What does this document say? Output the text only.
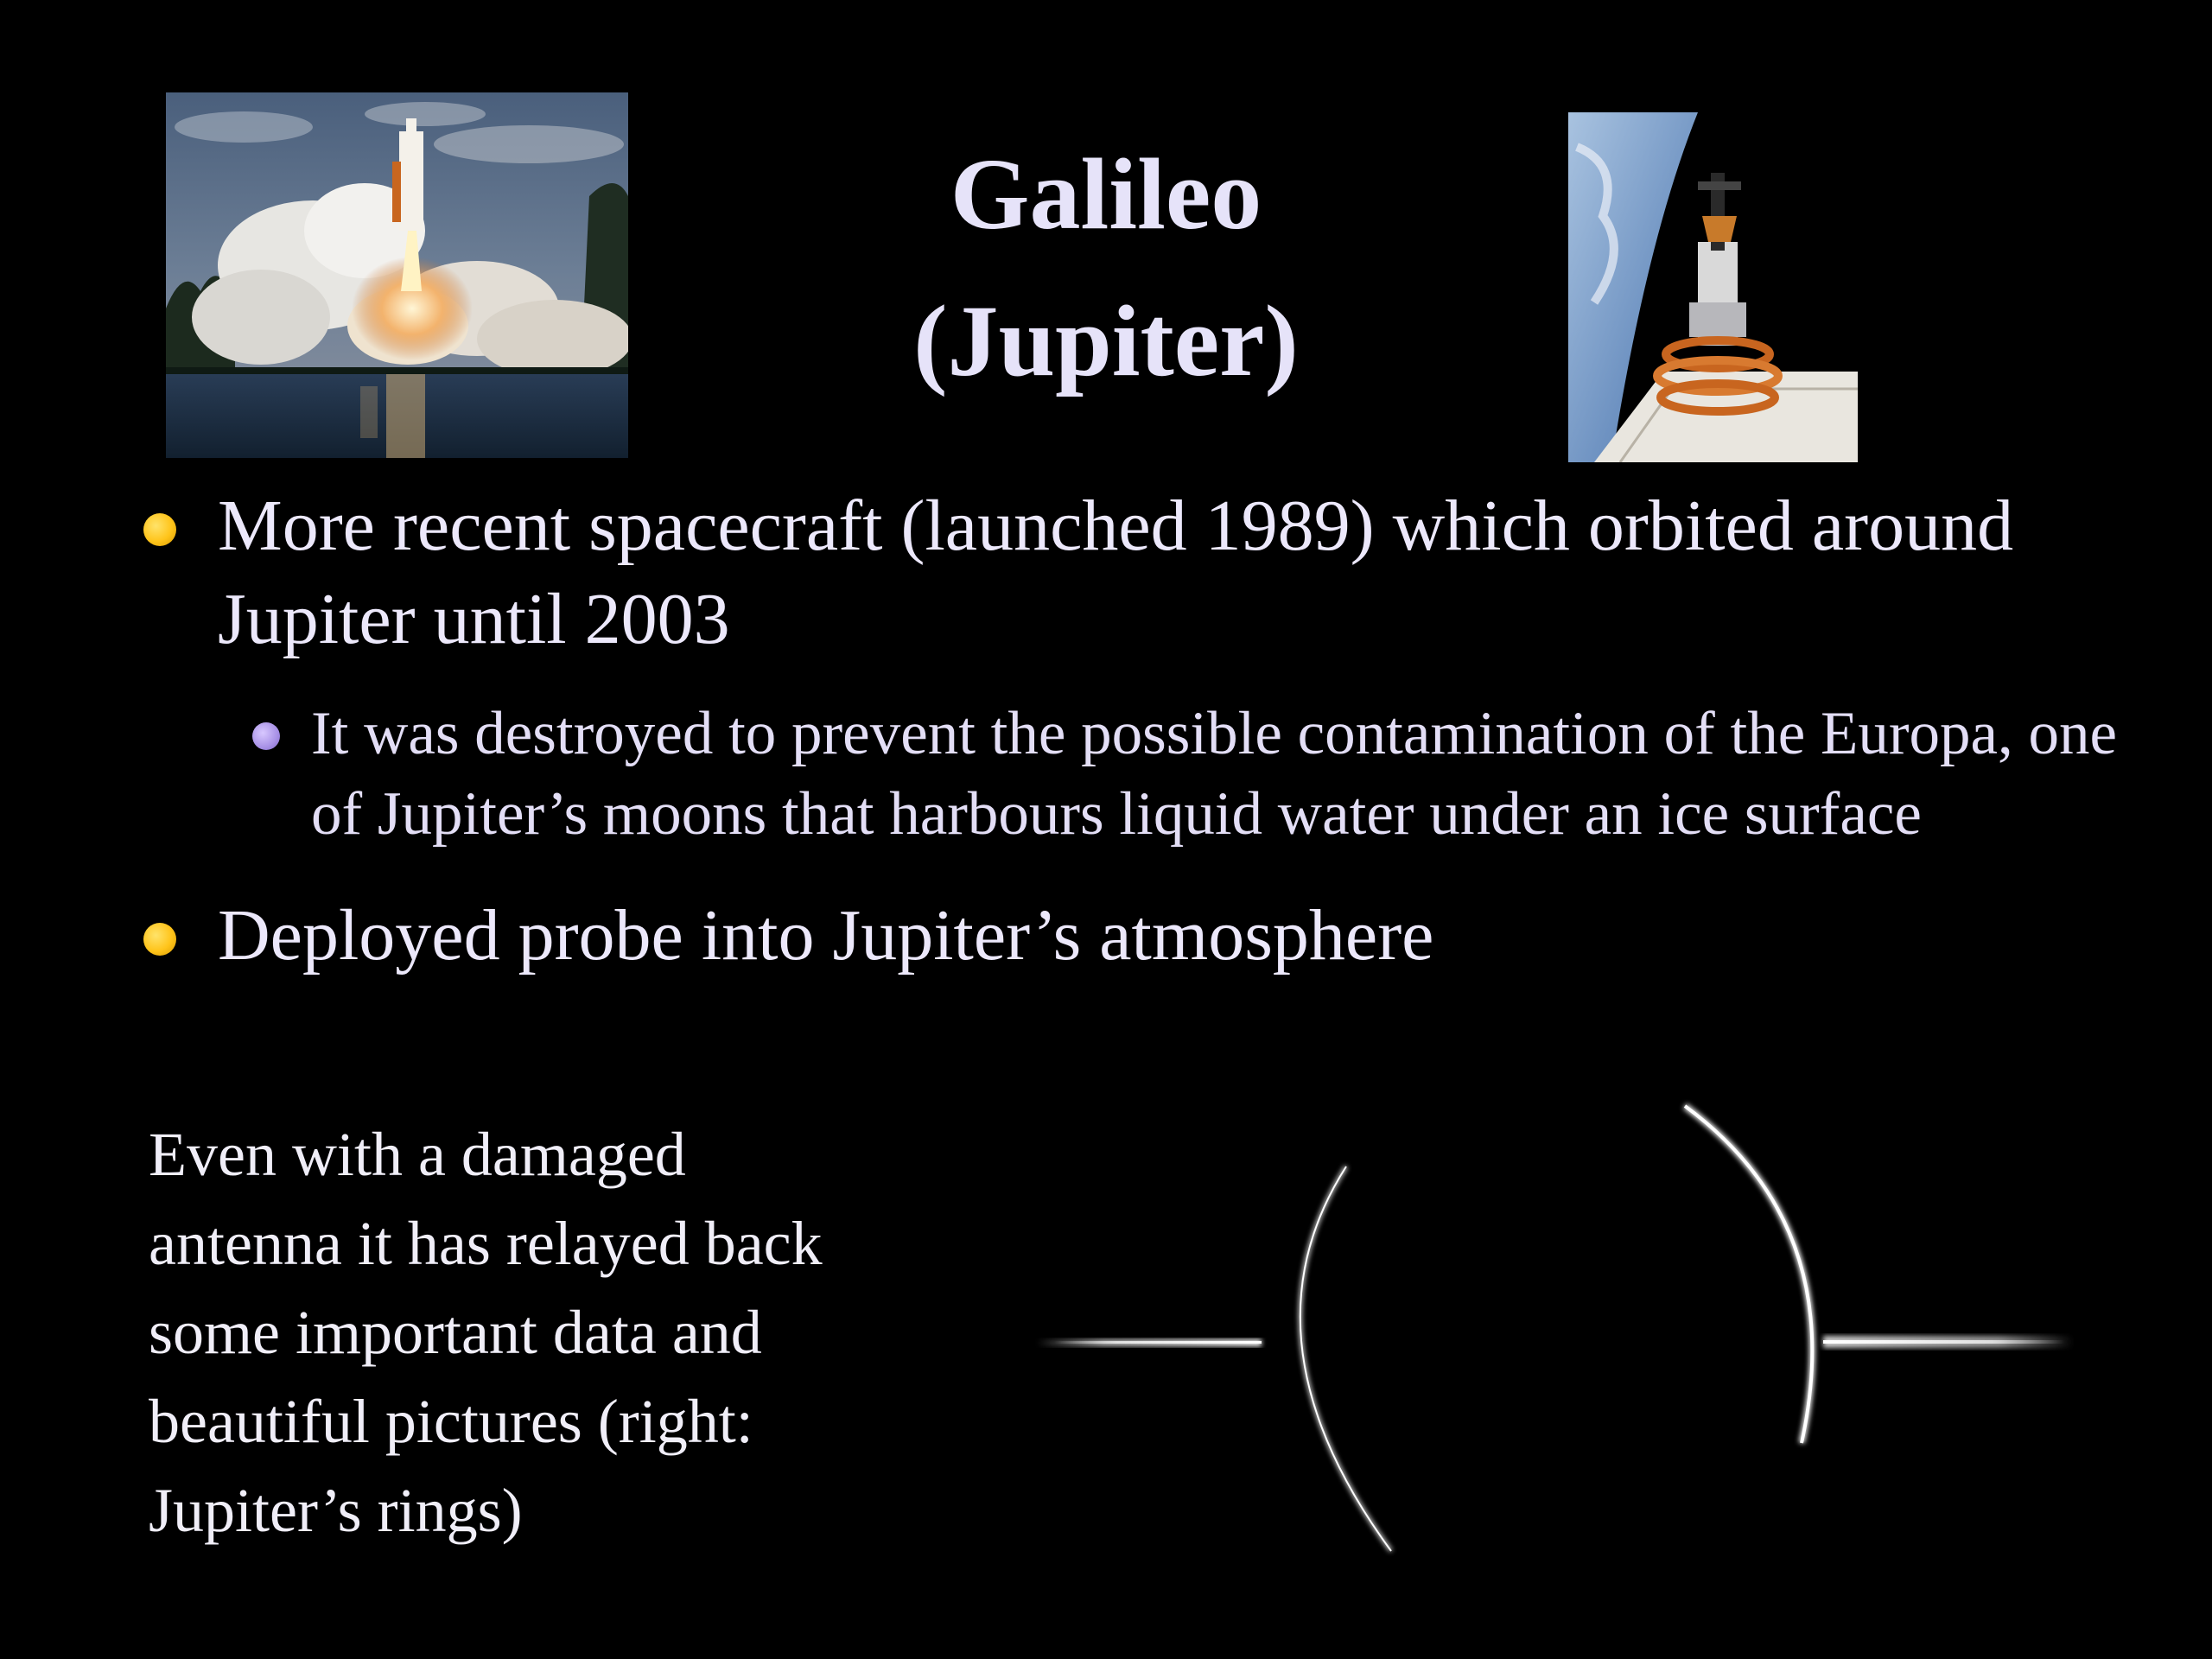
Galileo
(Jupiter)
More recent spacecraft (launched 1989) which orbited around Jupiter until 2003
It was destroyed to prevent the possible contamination of the Europa, one of Jupiter’s moons that harbours liquid water under an ice surface
Deployed probe into Jupiter’s atmosphere
Even with a damaged antenna it has relayed back some important data and beautiful pictures (right: Jupiter’s rings)
